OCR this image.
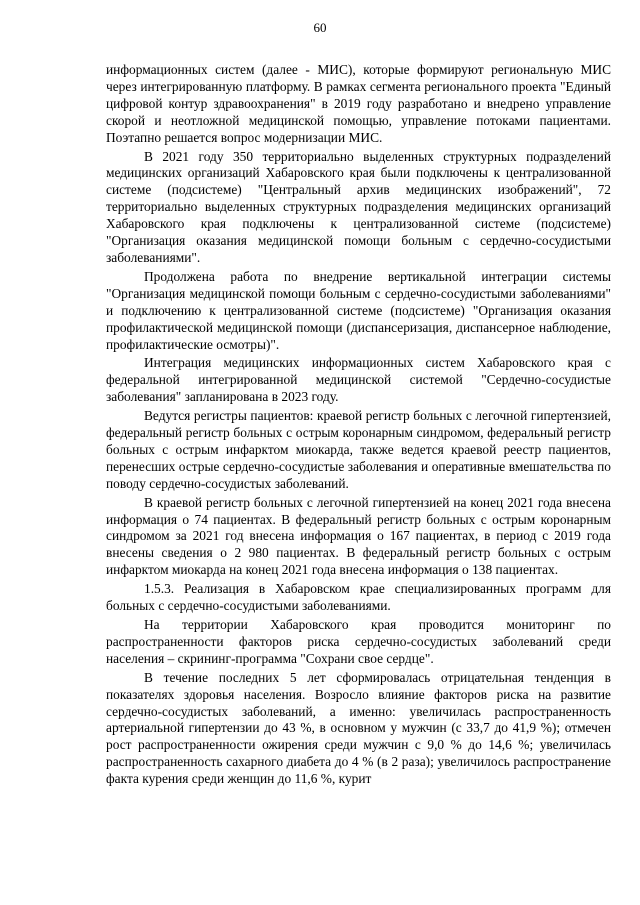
60

информационных систем (далее - МИС), которые формируют региональную МИС через интегрированную платформу. В рамках сегмента регионального проекта "Единый цифровой контур здравоохранения" в 2019 году разработано и внедрено управление скорой и неотложной медицинской помощью, управление потоками пациентами. Поэтапно решается вопрос модернизации МИС.

В 2021 году 350 территориально выделенных структурных подразделений медицинских организаций Хабаровского края были подключены к централизованной системе (подсистеме) "Центральный архив медицинских изображений", 72 территориально выделенных структурных подразделения медицинских организаций Хабаровского края подключены к централизованной системе (подсистеме) "Организация оказания медицинской помощи больным с сердечно-сосудистыми заболеваниями".

Продолжена работа по внедрение вертикальной интеграции системы "Организация медицинской помощи больным с сердечно-сосудистыми заболеваниями" и подключению к централизованной системе (подсистеме) "Организация оказания профилактической медицинской помощи (диспансеризация, диспансерное наблюдение, профилактические осмотры)".

Интеграция медицинских информационных систем Хабаровского края с федеральной интегрированной медицинской системой "Сердечно-сосудистые заболевания" запланирована в 2023 году.

Ведутся регистры пациентов: краевой регистр больных с легочной гипертензией, федеральный регистр больных с острым коронарным синдромом, федеральный регистр больных с острым инфарктом миокарда, также ведется краевой реестр пациентов, перенесших острые сердечно-сосудистые заболевания и оперативные вмешательства по поводу сердечно-сосудистых заболеваний.

В краевой регистр больных с легочной гипертензией на конец 2021 года внесена информация о 74 пациентах. В федеральный регистр больных с острым коронарным синдромом за 2021 год внесена информация о 167 пациентах, в период с 2019 года внесены сведения о 2 980 пациентах. В федеральный регистр больных с острым инфарктом миокарда на конец 2021 года внесена информация о 138 пациентах.

1.5.3. Реализация в Хабаровском крае специализированных программ для больных с сердечно-сосудистыми заболеваниями.

На территории Хабаровского края проводится мониторинг по распространенности факторов риска сердечно-сосудистых заболеваний среди населения – скрининг-программа "Сохрани свое сердце".

В течение последних 5 лет сформировалась отрицательная тенденция в показателях здоровья населения. Возросло влияние факторов риска на развитие сердечно-сосудистых заболеваний, а именно: увеличилась распространенность артериальной гипертензии до 43 %, в основном у мужчин (с 33,7 до 41,9 %); отмечен рост распространенности ожирения среди мужчин с 9,0 % до 14,6 %; увеличилась распространенность сахарного диабета до 4 % (в 2 раза); увеличилось распространение факта курения среди женщин до 11,6 %, курит
